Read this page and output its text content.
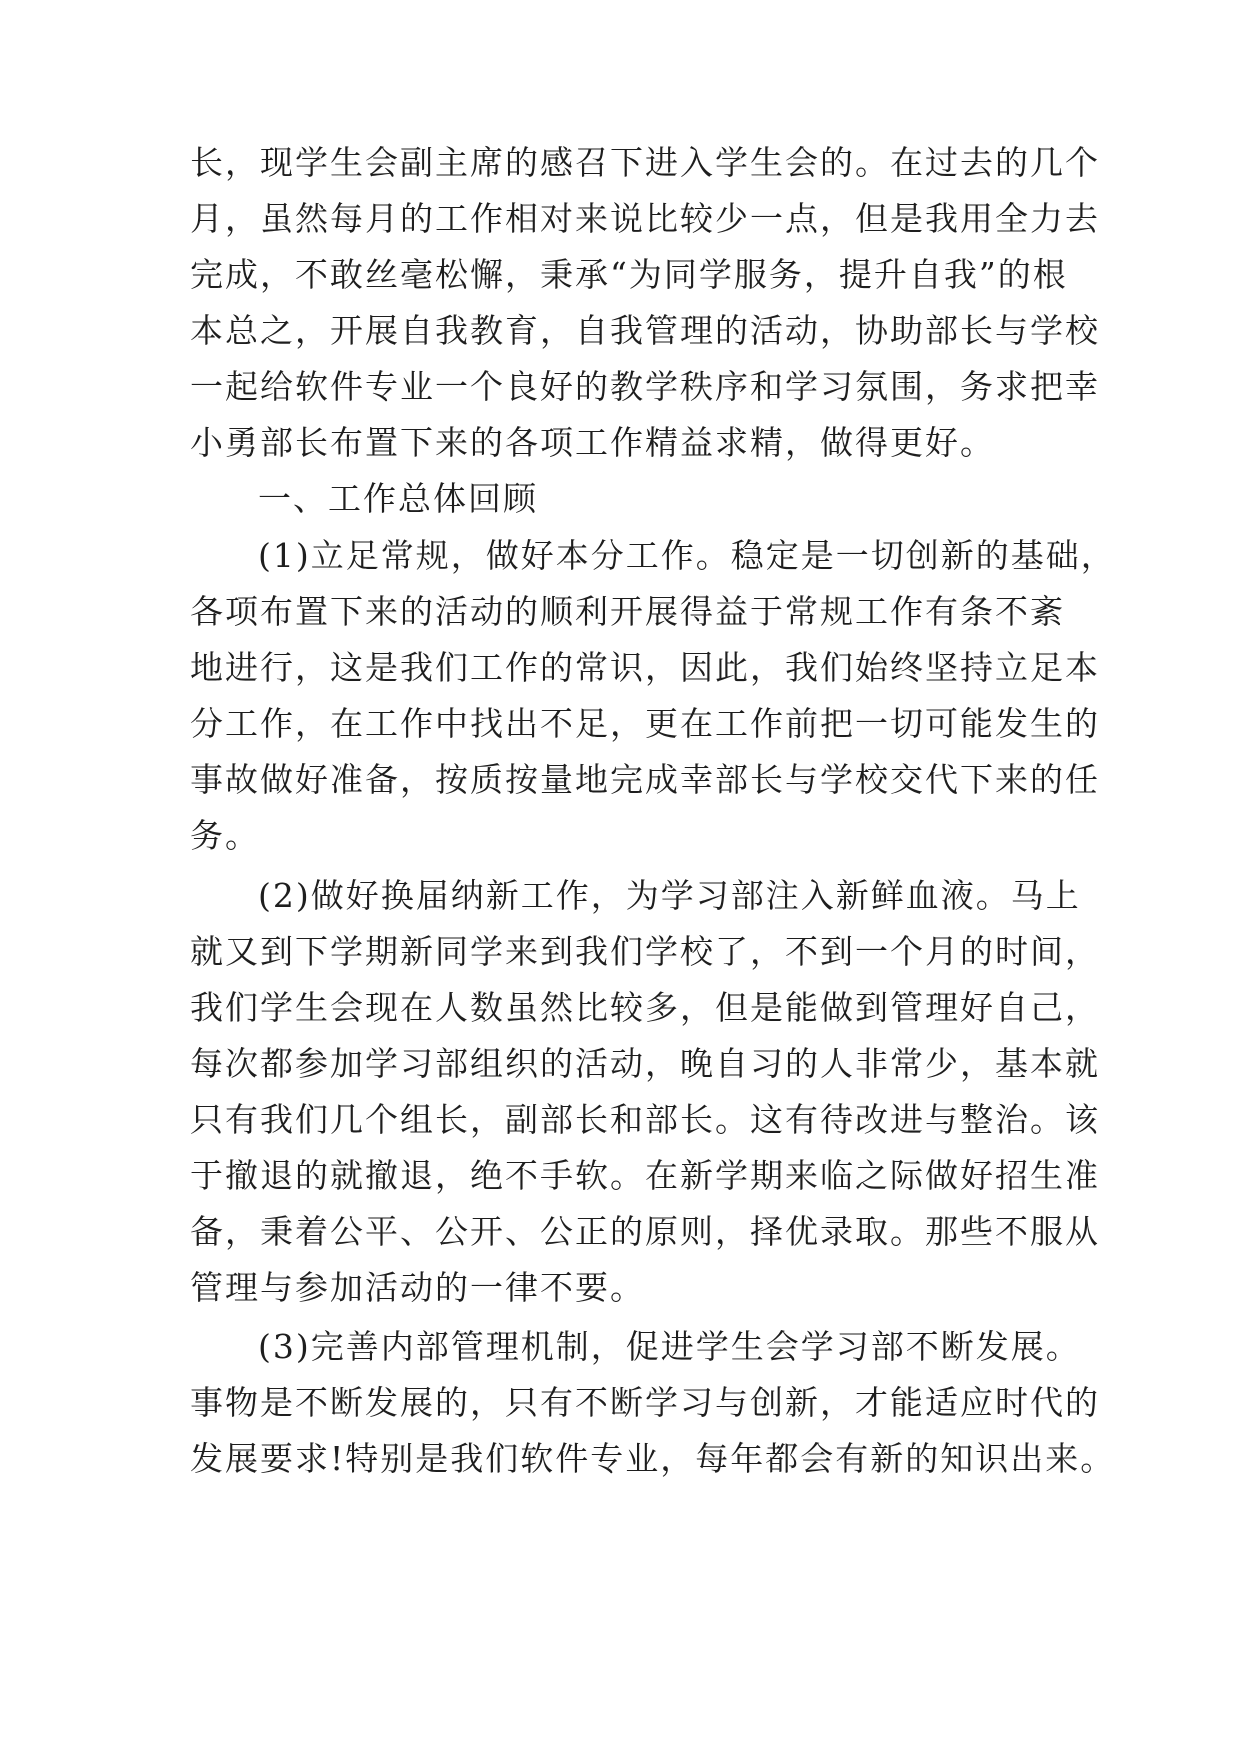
长，现学生会副主席的感召下进入学生会的。在过去的几个
月，虽然每月的工作相对来说比较少一点，但是我用全力去
完成，不敢丝毫松懈，秉承“为同学服务，提升自我”的根
本总之，开展自我教育，自我管理的活动，协助部长与学校
一起给软件专业一个良好的教学秩序和学习氛围，务求把幸
小勇部长布置下来的各项工作精益求精，做得更好。
一、工作总体回顾
(1)立足常规，做好本分工作。稳定是一切创新的基础，
各项布置下来的活动的顺利开展得益于常规工作有条不紊
地进行，这是我们工作的常识，因此，我们始终坚持立足本
分工作，在工作中找出不足，更在工作前把一切可能发生的
事故做好准备，按质按量地完成幸部长与学校交代下来的任
务。
(2)做好换届纳新工作，为学习部注入新鲜血液。马上
就又到下学期新同学来到我们学校了，不到一个月的时间，
我们学生会现在人数虽然比较多，但是能做到管理好自己，
每次都参加学习部组织的活动，晚自习的人非常少，基本就
只有我们几个组长，副部长和部长。这有待改进与整治。该
于撤退的就撤退，绝不手软。在新学期来临之际做好招生准
备，秉着公平、公开、公正的原则，择优录取。那些不服从
管理与参加活动的一律不要。
(3)完善内部管理机制，促进学生会学习部不断发展。
事物是不断发展的，只有不断学习与创新，才能适应时代的
发展要求!特别是我们软件专业，每年都会有新的知识出来。
